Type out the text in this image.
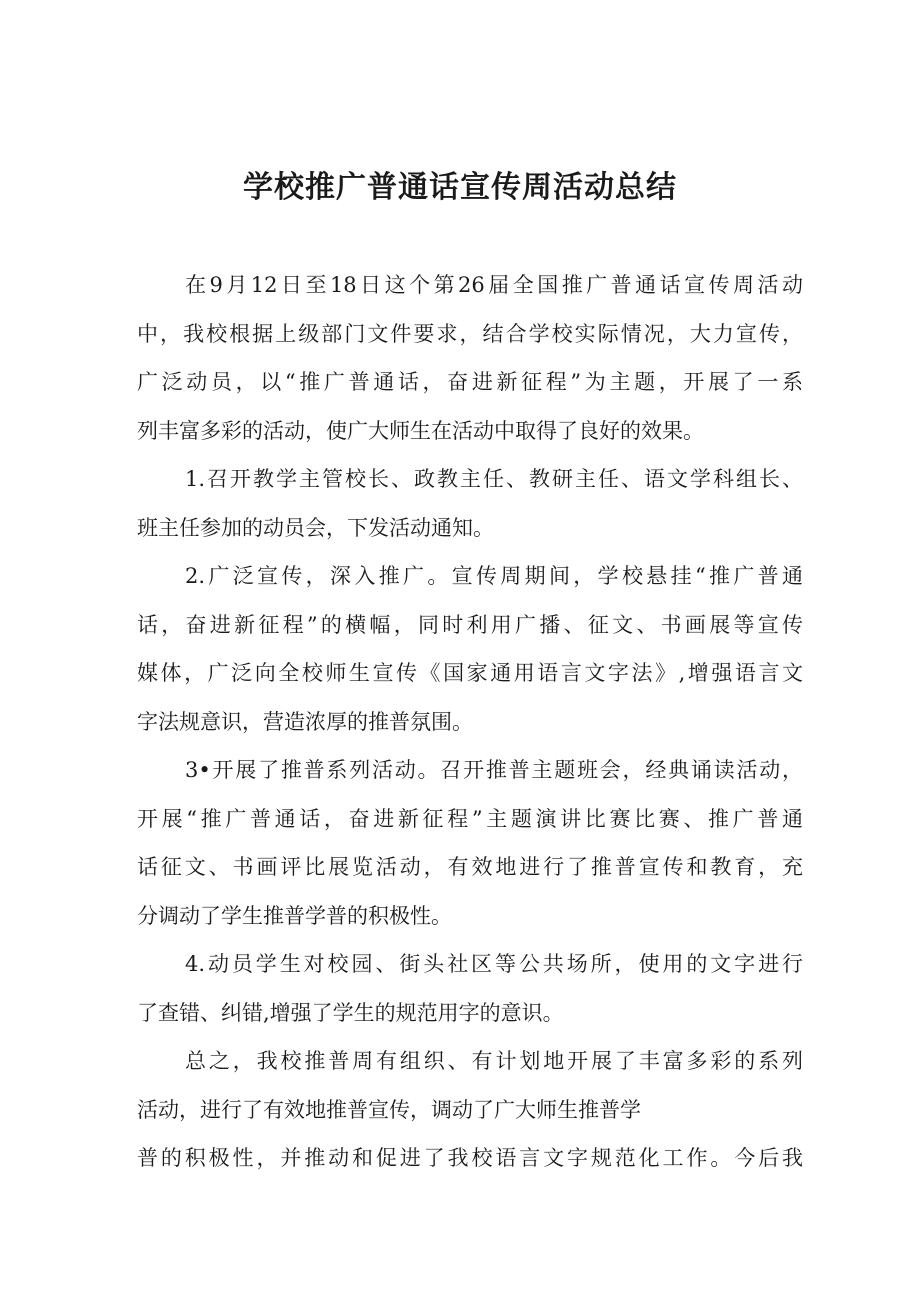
学校推广普通话宣传周活动总结
在9月12日至18日这个第26届全国推广普通话宣传周活动
中，我校根据上级部门文件要求，结合学校实际情况，大力宣传，
广泛动员，以“推广普通话，奋进新征程”为主题，开展了一系
列丰富多彩的活动，使广大师生在活动中取得了良好的效果。
1.召开教学主管校长、政教主任、教研主任、语文学科组长、
班主任参加的动员会，下发活动通知。
2.广泛宣传，深入推广。宣传周期间，学校悬挂“推广普通
话，奋进新征程”的横幅，同时利用广播、征文、书画展等宣传
媒体，广泛向全校师生宣传《国家通用语言文字法》,增强语言文
字法规意识，营造浓厚的推普氛围。
3•开展了推普系列活动。召开推普主题班会，经典诵读活动，
开展“推广普通话，奋进新征程”主题演讲比赛比赛、推广普通
话征文、书画评比展览活动，有效地进行了推普宣传和教育，充
分调动了学生推普学普的积极性。
4.动员学生对校园、街头社区等公共场所，使用的文字进行
了查错、纠错,增强了学生的规范用字的意识。
总之，我校推普周有组织、有计划地开展了丰富多彩的系列
活动，进行了有效地推普宣传，调动了广大师生推普学
普的积极性，并推动和促进了我校语言文字规范化工作。今后我
